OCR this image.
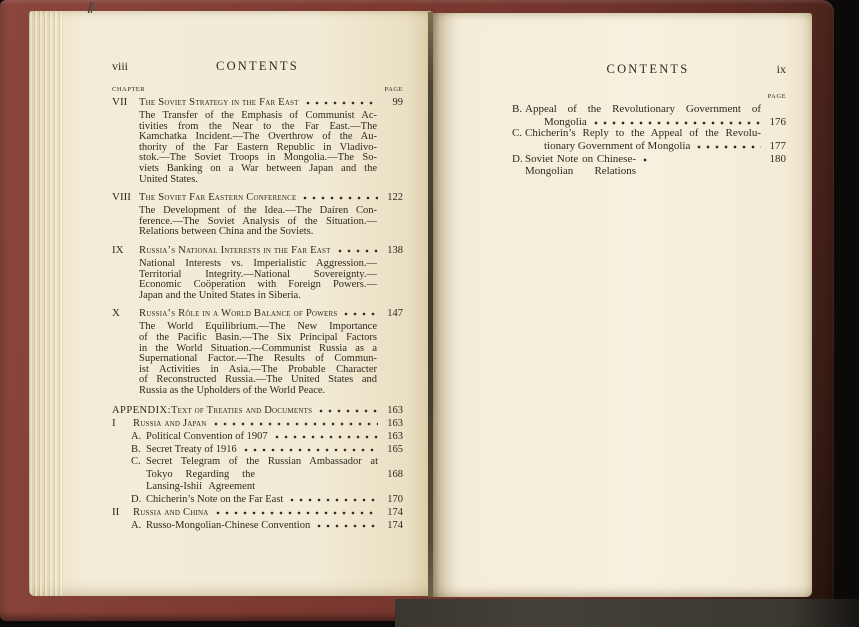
viii	CONTENTS
CHAPTER	PAGE
VII	The Soviet Strategy in the Far East	99
The Transfer of the Emphasis of Communist Ac-
tivities from the Near to the Far East.—The
Kamchatka Incident.—The Overthrow of the Au-
thority of the Far Eastern Republic in Vladivo-
stok.—The Soviet Troops in Mongolia.—The So-
viets Banking on a War between Japan and the
United States.
VIII The Soviet Far Eastern Conference	122
The Development of the Idea.—The Dairen Con-
ference.—The Soviet Analysis of the Situation.—
Relations between China and the Soviets.
IX	Russia’s National Interests in the Far East	138
National Interests vs. Imperialistic Aggression.—
Territorial Integrity.—National Sovereignty.—
Economic Coöperation with Foreign Powers.—
Japan and the United States in Siberia.
X	Russia’s Rôle in a World Balance of Powers	147
The World Equilibrium.—The New Importance
of the Pacific Basin.—The Six Principal Factors
in the World Situation.—Communist Russia as a
Supernational Factor.—The Results of Commun-
ist Activities in Asia.—The Probable Character
of Reconstructed Russia.—The United States and
Russia as the Upholders of the World Peace.
APPENDIX: Text of Treaties and Documents	163
I	Russia and Japan	163
A. Political Convention of 1907	163
B. Secret Treaty of 1916	165
C. Secret Telegram of the Russian Ambassador at
Tokyo Regarding the Lansing-Ishii Agreement
168
D. Chicherin’s Note on the Far East	170
II	Russia and China	174
A. Russo-Mongolian-Chinese Convention	174
CONTENTS	ix
PAGE
B. Appeal of the Revolutionary Government of
Mongolia	176
C. Chicherin’s Reply to the Appeal of the Revolu-
tionary Government of Mongolia	177
D. Soviet Note on Chinese-Mongolian Relations
180
